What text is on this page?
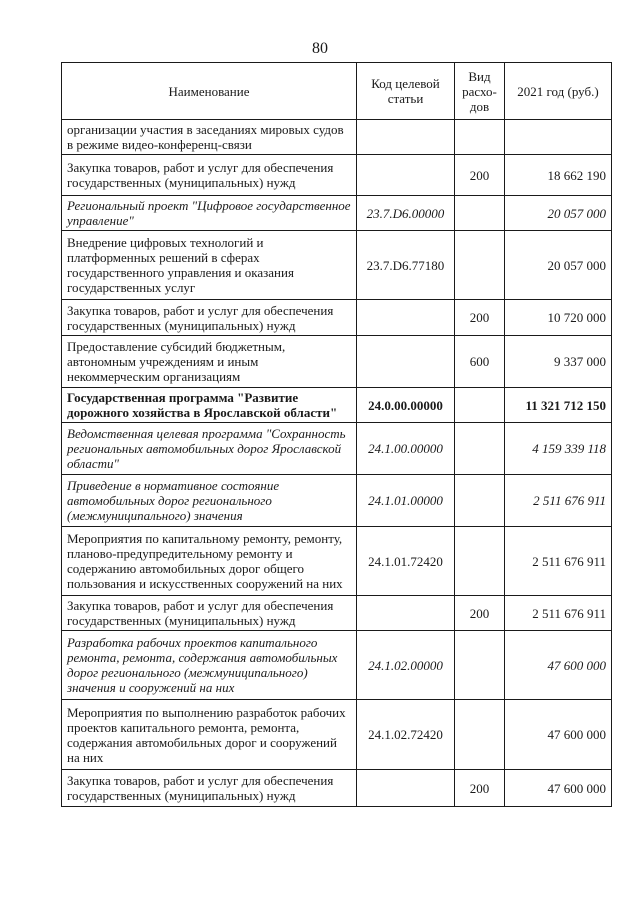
80
Наименование	Код целевой статьи	Вид расхо-дов	2021 год (руб.)
организации участия в заседаниях мировых судов в режиме видео-конференц-связи			
Закупка товаров, работ и услуг для обеспечения государственных (муниципальных) нужд		200	18 662 190
Региональный проект "Цифровое государственное управление"	23.7.D6.00000		20 057 000
Внедрение цифровых технологий и платформенных решений в сферах государственного управления и оказания государственных услуг	23.7.D6.77180		20 057 000
Закупка товаров, работ и услуг для обеспечения государственных (муниципальных) нужд		200	10 720 000
Предоставление субсидий бюджетным, автономным учреждениям и иным некоммерческим организациям		600	9 337 000
Государственная программа "Развитие дорожного хозяйства в Ярославской области"	24.0.00.00000		11 321 712 150
Ведомственная целевая программа "Сохранность региональных автомобильных дорог Ярославской области"	24.1.00.00000		4 159 339 118
Приведение в нормативное состояние автомобильных дорог регионального (межмуниципального) значения	24.1.01.00000		2 511 676 911
Мероприятия по капитальному ремонту, ремонту, планово-предупредительному ремонту и содержанию автомобильных дорог общего пользования и искусственных сооружений на них	24.1.01.72420		2 511 676 911
Закупка товаров, работ и услуг для обеспечения государственных (муниципальных) нужд		200	2 511 676 911
Разработка рабочих проектов капитального ремонта, ремонта, содержания автомобильных дорог регионального (межмуниципального) значения и сооружений на них	24.1.02.00000		47 600 000
Мероприятия по выполнению разработок рабочих проектов капитального ремонта, ремонта, содержания автомобильных дорог и сооружений на них	24.1.02.72420		47 600 000
Закупка товаров, работ и услуг для обеспечения государственных (муниципальных) нужд		200	47 600 000
